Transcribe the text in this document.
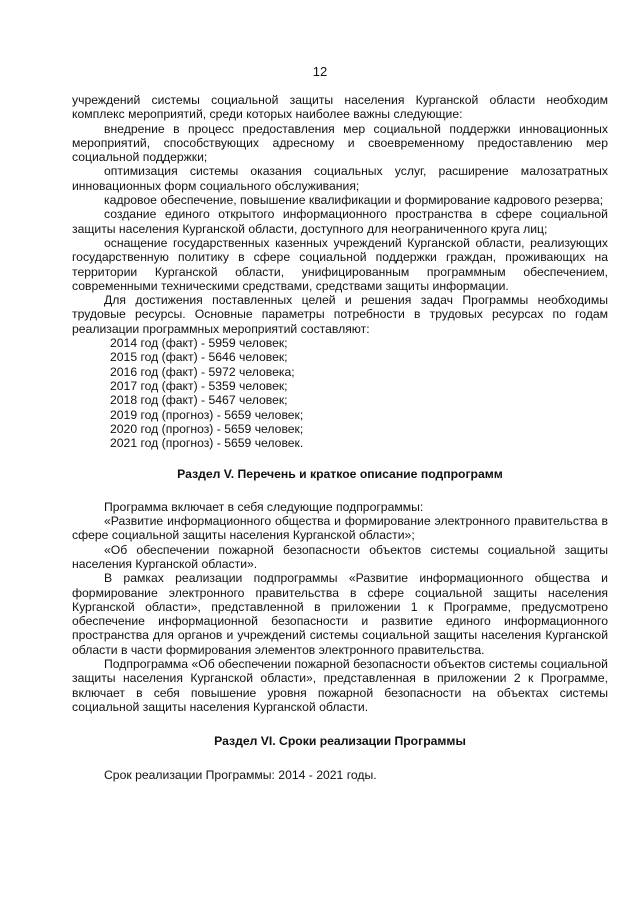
12

учреждений системы социальной защиты населения Курганской области необходим комплекс мероприятий, среди которых наиболее важны следующие:

внедрение в процесс предоставления мер социальной поддержки инновационных мероприятий, способствующих адресному и своевременному предоставлению мер социальной поддержки;

оптимизация системы оказания социальных услуг, расширение малозатратных инновационных форм социального обслуживания;

кадровое обеспечение, повышение квалификации и формирование кадрового резерва;

создание единого открытого информационного пространства в сфере социальной защиты населения Курганской области, доступного для неограниченного круга лиц;

оснащение государственных казенных учреждений Курганской области, реализующих государственную политику в сфере социальной поддержки граждан, проживающих на территории Курганской области, унифицированным программным обеспечением, современными техническими средствами, средствами защиты информации.

Для достижения поставленных целей и решения задач Программы необходимы трудовые ресурсы. Основные параметры потребности в трудовых ресурсах по годам реализации программных мероприятий составляют:

2014 год (факт) - 5959 человек;
2015 год (факт) - 5646 человек;
2016 год (факт) - 5972 человека;
2017 год (факт) - 5359 человек;
2018 год (факт) - 5467 человек;
2019 год (прогноз) - 5659 человек;
2020 год (прогноз) - 5659 человек;
2021 год (прогноз) - 5659 человек.
Раздел V. Перечень и краткое описание подпрограмм

Программа включает в себя следующие подпрограммы:

«Развитие информационного общества и формирование электронного правительства в сфере социальной защиты населения Курганской области»;

«Об обеспечении пожарной безопасности объектов системы социальной защиты населения Курганской области».

В рамках реализации подпрограммы «Развитие информационного общества и формирование электронного правительства в сфере социальной защиты населения Курганской области», представленной в приложении 1 к Программе, предусмотрено обеспечение информационной безопасности и развитие единого информационного пространства для органов и учреждений системы социальной защиты населения Курганской области в части формирования элементов электронного правительства.

Подпрограмма «Об обеспечении пожарной безопасности объектов системы социальной защиты населения Курганской области», представленная в приложении 2 к Программе, включает в себя повышение уровня пожарной безопасности на объектах системы социальной защиты населения Курганской области.

Раздел VI. Сроки реализации Программы

Срок реализации Программы: 2014 - 2021 годы.
